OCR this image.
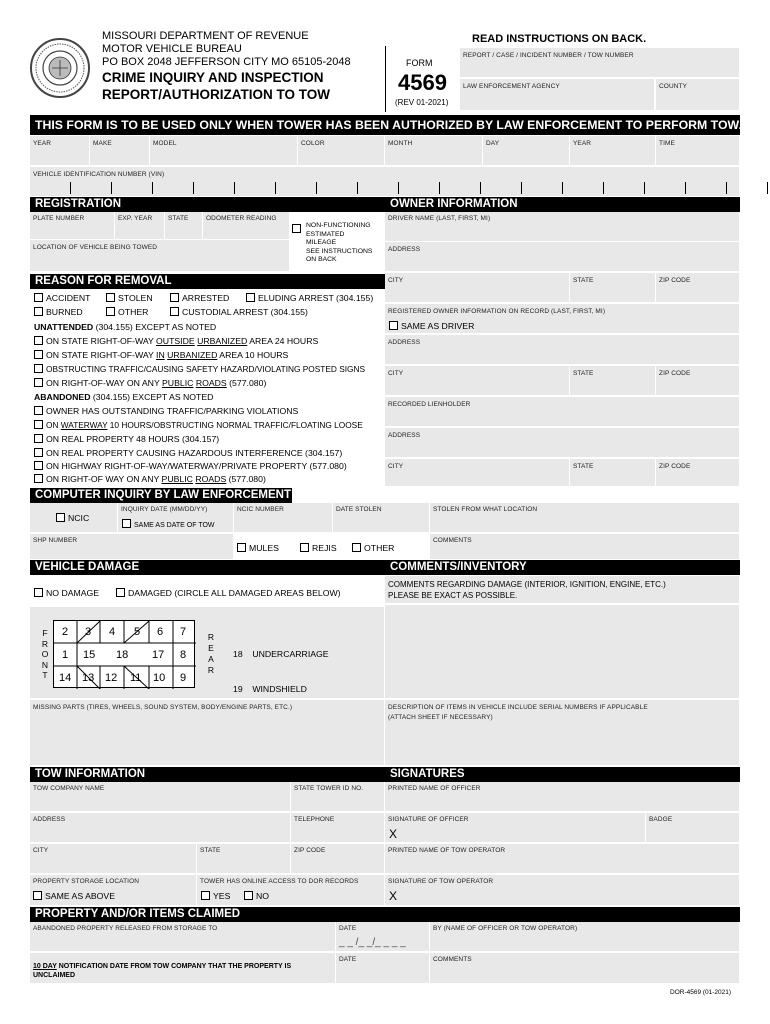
MISSOURI DEPARTMENT OF REVENUE
MOTOR VEHICLE BUREAU
PO BOX 2048 JEFFERSON CITY MO 65105-2048
CRIME INQUIRY AND INSPECTION
REPORT/AUTHORIZATION TO TOW
FORM
4569
(REV 01-2021)
READ INSTRUCTIONS ON BACK.
REPORT / CASE / INCIDENT NUMBER / TOW NUMBER
LAW ENFORCEMENT AGENCY	COUNTY
THIS FORM IS TO BE USED ONLY WHEN TOWER HAS BEEN AUTHORIZED BY LAW ENFORCEMENT TO PERFORM TOW.
YEAR	MAKE	MODEL	COLOR	MONTH	DAY	YEAR	TIME
VEHICLE IDENTIFICATION NUMBER (VIN)
REGISTRATION	OWNER INFORMATION
PLATE NUMBER	EXP. YEAR STATE	ODOMETER READING
NON-FUNCTIONING
ESTIMATED MILEAGE
SEE INSTRUCTIONS ON BACK
LOCATION OF VEHICLE BEING TOWED
DRIVER NAME (LAST, FIRST, MI)
ADDRESS
CITY	STATE	ZIP CODE
REGISTERED OWNER INFORMATION ON RECORD (LAST, FIRST, MI)
SAME AS DRIVER
ADDRESS
CITY	STATE	ZIP CODE
RECORDED LIENHOLDER
ADDRESS
CITY	STATE	ZIP CODE
REASON FOR REMOVAL
ACCIDENT	STOLEN	ARRESTED	ELUDING ARREST (304.155)
BURNED	OTHER	CUSTODIAL ARREST (304.155)
UNATTENDED (304.155) EXCEPT AS NOTED
ON STATE RIGHT-OF-WAY OUTSIDE URBANIZED AREA 24 HOURS
ON STATE RIGHT-OF-WAY IN URBANIZED AREA 10 HOURS
OBSTRUCTING TRAFFIC/CAUSING SAFETY HAZARD/VIOLATING POSTED SIGNS
ON RIGHT-OF-WAY ON ANY PUBLIC ROADS (577.080)
ABANDONED (304.155) EXCEPT AS NOTED
OWNER HAS OUTSTANDING TRAFFIC/PARKING VIOLATIONS
ON WATERWAY 10 HOURS/OBSTRUCTING NORMAL TRAFFIC/FLOATING LOOSE
ON REAL PROPERTY 48 HOURS (304.157)
ON REAL PROPERTY CAUSING HAZARDOUS INTERFERENCE (304.157)
ON HIGHWAY RIGHT-OF-WAY/WATERWAY/PRIVATE PROPERTY (577.080)
ON RIGHT-OF WAY ON ANY PUBLIC ROADS (577.080)
COMPUTER INQUIRY BY LAW ENFORCEMENT
NCIC
INQUIRY DATE (MM/DD/YY)
SAME AS DATE OF TOW
NCIC NUMBER	DATE STOLEN	STOLEN FROM WHAT LOCATION
SHP NUMBER
MULES	REJIS	OTHER
COMMENTS
VEHICLE DAMAGE	COMMENTS/INVENTORY
NO DAMAGE	DAMAGED (CIRCLE ALL DAMAGED AREAS BELOW)
COMMENTS REGARDING DAMAGE (INTERIOR, IGNITION, ENGINE, ETC.)
PLEASE BE EXACT AS POSSIBLE.
F
R
O
N
T
R
E
A
R
2 3 4 5 6 7
1 15 18 17 8
14 13 12 11 10 9

18    UNDERCARRIAGE

19    WINDSHIELD

MISSING PARTS (TIRES, WHEELS, SOUND SYSTEM, BODY/ENGINE PARTS, ETC.)	DESCRIPTION OF ITEMS IN VEHICLE INCLUDE SERIAL NUMBERS IF APPLICABLE
(ATTACH SHEET IF NECESSARY)
TOW INFORMATION	SIGNATURES
TOW COMPANY NAME	STATE TOWER ID NO.
ADDRESS	TELEPHONE
CITY	STATE	ZIP CODE
PROPERTY STORAGE LOCATION
SAME AS ABOVE
TOWER HAS ONLINE ACCESS TO DOR RECORDS
YES	NO
PRINTED NAME OF OFFICER
SIGNATURE OF OFFICER
X
BADGE
PRINTED NAME OF TOW OPERATOR
SIGNATURE OF TOW OPERATOR
X
PROPERTY AND/OR ITEMS CLAIMED
ABANDONED PROPERTY RELEASED FROM STORAGE TO	DATE
_ _ /_ _/_ _ _ _
BY (NAME OF OFFICER OR TOW OPERATOR)
10 DAY NOTIFICATION DATE FROM TOW COMPANY THAT THE PROPERTY IS UNCLAIMED
DATE	COMMENTS
DOR-4569 (01-2021)
